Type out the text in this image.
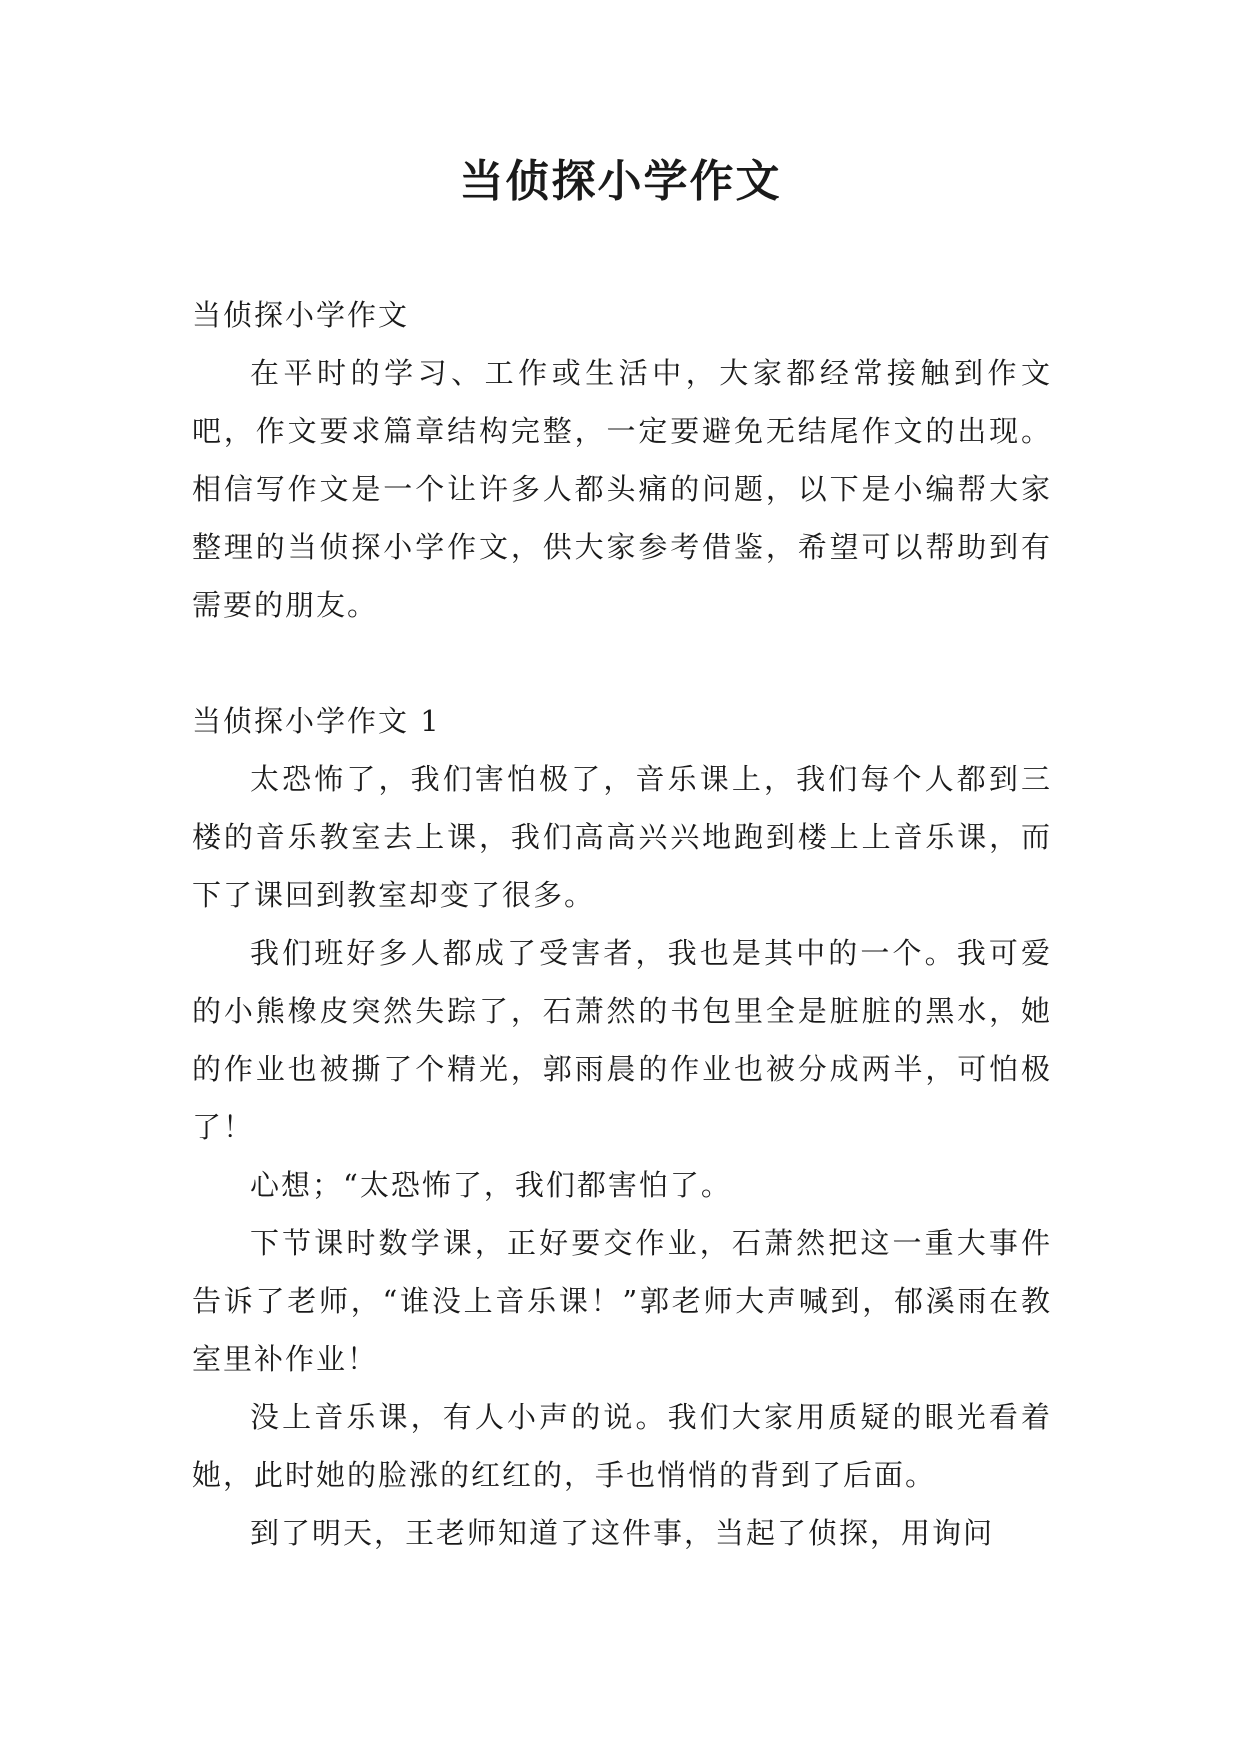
当侦探小学作文

当侦探小学作文

在平时的学习、工作或生活中，大家都经常接触到作文吧，作文要求篇章结构完整，一定要避免无结尾作文的出现。相信写作文是一个让许多人都头痛的问题，以下是小编帮大家整理的当侦探小学作文，供大家参考借鉴，希望可以帮助到有需要的朋友。

当侦探小学作文 1

太恐怖了，我们害怕极了，音乐课上，我们每个人都到三楼的音乐教室去上课，我们高高兴兴地跑到楼上上音乐课，而下了课回到教室却变了很多。

我们班好多人都成了受害者，我也是其中的一个。我可爱的小熊橡皮突然失踪了，石萧然的书包里全是脏脏的黑水，她的作业也被撕了个精光，郭雨晨的作业也被分成两半，可怕极了！

心想；“太恐怖了，我们都害怕了。

下节课时数学课，正好要交作业，石萧然把这一重大事件告诉了老师，“谁没上音乐课！”郭老师大声喊到，郁溪雨在教室里补作业！

没上音乐课，有人小声的说。我们大家用质疑的眼光看着她，此时她的脸涨的红红的，手也悄悄的背到了后面。

到了明天，王老师知道了这件事，当起了侦探，用询问
